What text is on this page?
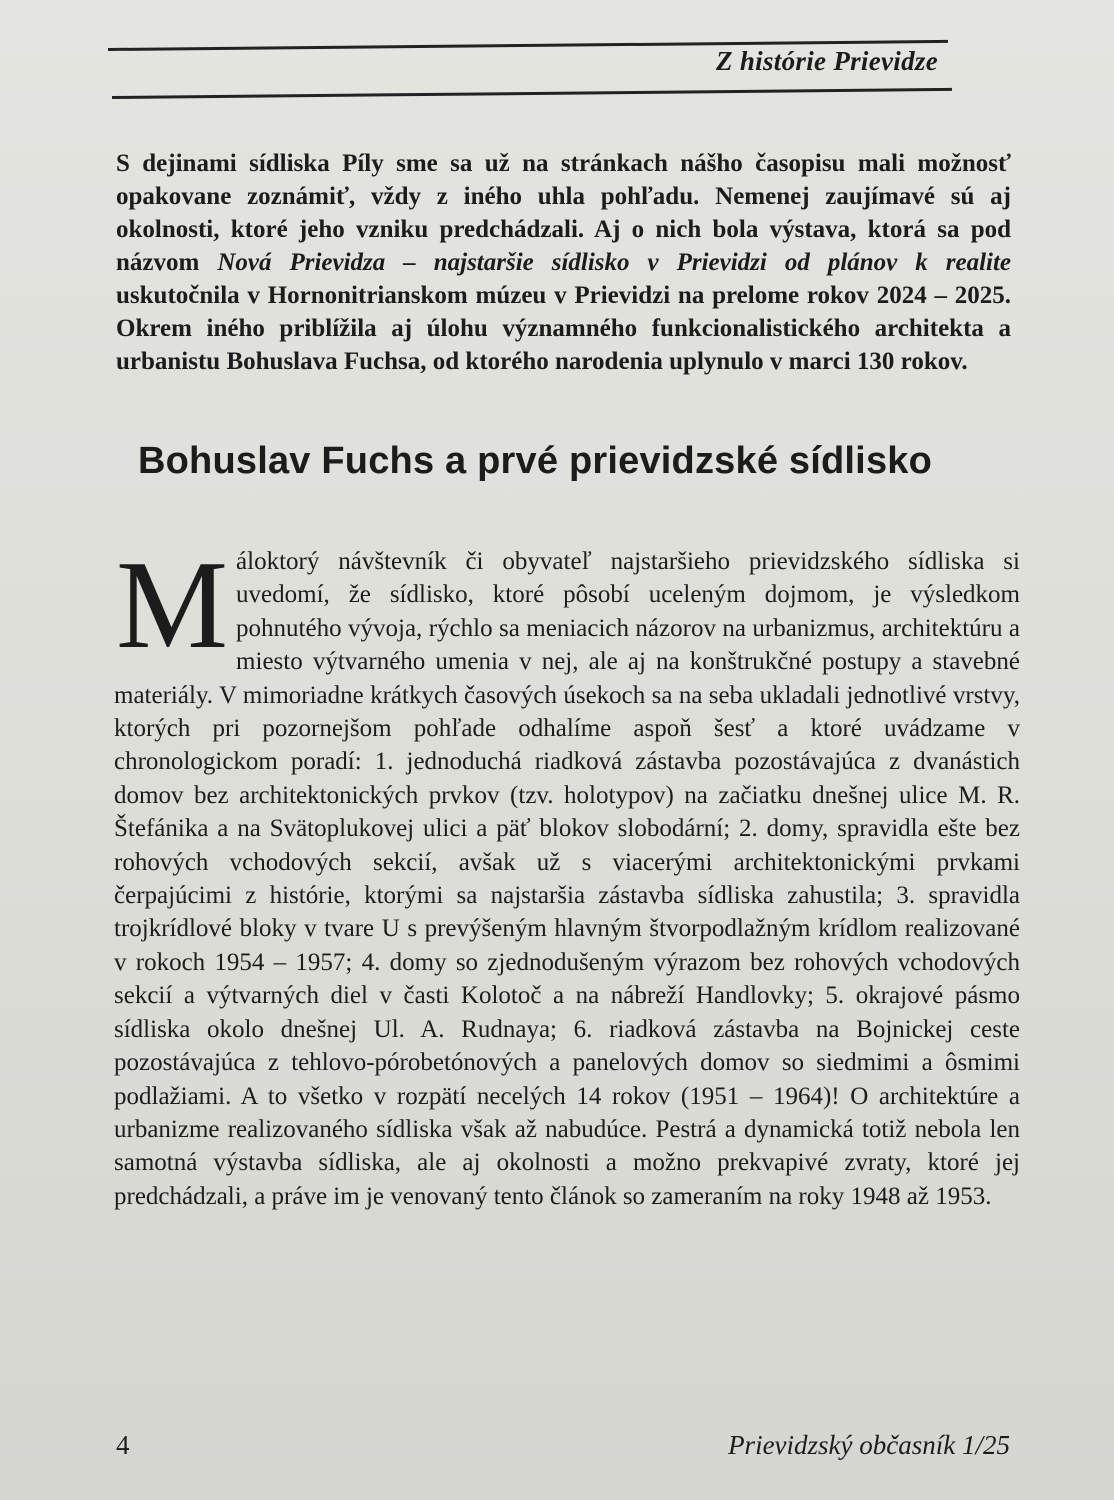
Z histórie Prievidze

S dejinami sídliska Píly sme sa už na stránkach nášho časopisu mali možnosť opakovane zoznámiť, vždy z iného uhla pohľadu. Nemenej zaujímavé sú aj okolnosti, ktoré jeho vzniku predchádzali. Aj o nich bola výstava, ktorá sa pod názvom Nová Prievidza – najstaršie sídlisko v Prievidzi od plánov k realite uskutočnila v Hornonitrianskom múzeu v Prievidzi na prelome rokov 2024 – 2025. Okrem iného priblížila aj úlohu významného funkcionalistického architekta a urbanistu Bohuslava Fuchsa, od ktorého narodenia uplynulo v marci 130 rokov.

Bohuslav Fuchs a prvé prievidzské sídlisko

Máloktorý návštevník či obyvateľ najstaršieho prievidzského sídliska si uvedomí, že sídlisko, ktoré pôsobí uceleným dojmom, je výsledkom pohnutého vývoja, rýchlo sa meniacich názorov na urbanizmus, architektúru a miesto výtvarného umenia v nej, ale aj na konštrukčné postupy a stavebné materiály. V mimoriadne krátkych časových úsekoch sa na seba ukladali jednotlivé vrstvy, ktorých pri pozornejšom pohľade odhalíme aspoň šesť a ktoré uvádzame v chronologickom poradí: 1. jednoduchá riadková zástavba pozostávajúca z dvanástich domov bez architektonických prvkov (tzv. holotypov) na začiatku dnešnej ulice M. R. Štefánika a na Svätoplukovej ulici a päť blokov slobodární; 2. domy, spravidla ešte bez rohových vchodových sekcií, avšak už s viacerými architektonickými prvkami čerpajúcimi z histórie, ktorými sa najstaršia zástavba sídliska zahustila; 3. spravidla trojkrídlové bloky v tvare U s prevýšeným hlavným štvorpodlažným krídlom realizované v rokoch 1954 – 1957; 4. domy so zjednodušeným výrazom bez rohových vchodových sekcií a výtvarných diel v časti Kolotoč a na nábreží Handlovky; 5. okrajové pásmo sídliska okolo dnešnej Ul. A. Rudnaya; 6. riadková zástavba na Bojnickej ceste pozostávajúca z tehlovo-pórobetónových a panelových domov so siedmimi a ôsmimi podlažiami. A to všetko v rozpätí necelých 14 rokov (1951 – 1964)! O architektúre a urbanizme realizovaného sídliska však až nabudúce. Pestrá a dynamická totiž nebola len samotná výstavba sídliska, ale aj okolnosti a možno prekvapivé zvraty, ktoré jej predchádzali, a práve im je venovaný tento článok so zameraním na roky 1948 až 1953.

4	Prievidzský občasník 1/25
